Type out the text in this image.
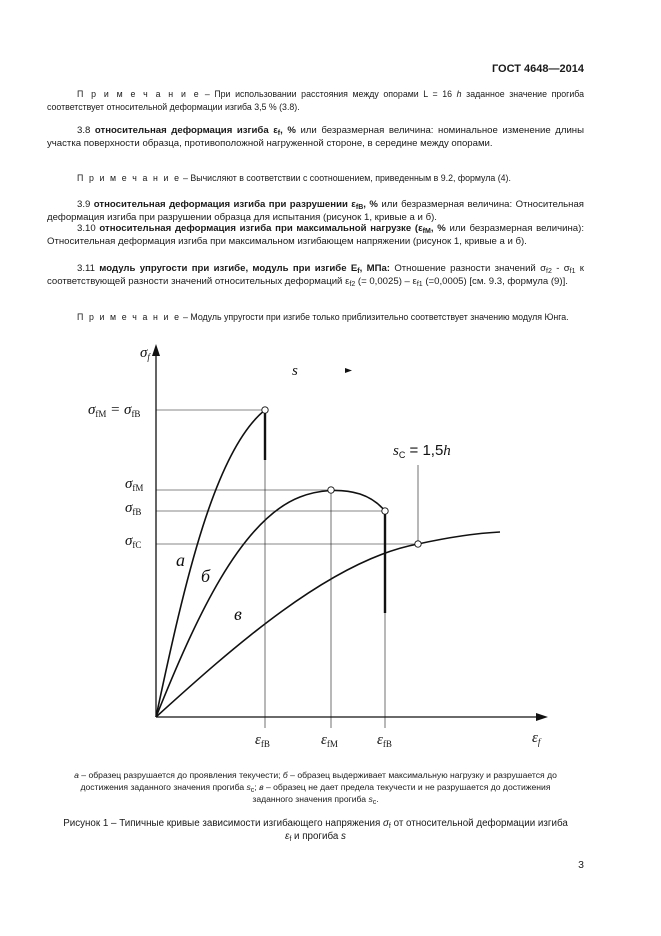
ГОСТ 4648—2014
П р и м е ч а н и е – При использовании расстояния между опорами L = 16 h заданное значение прогиба соответствует относительной деформации изгиба 3,5 % (3.8).
3.8 относительная деформация изгиба $\varepsilon_f$, % или безразмерная величина: номинальное изменение длины участка поверхности образца, противоположной нагруженной стороне, в середине между опорами.
П р и м е ч а н и е – Вычисляют в соответствии с соотношением, приведенным в 9.2, формула (4).
3.9 относительная деформация изгиба при разрушении $\varepsilon_{fB}$, % или безразмерная величина: Относительная деформация изгиба при разрушении образца для испытания (рисунок 1, кривые а и б).
3.10 относительная деформация изгиба при максимальной нагрузке ($\varepsilon_{fM}$, % или безразмерная величина): Относительная деформация изгиба при максимальном изгибающем напряжении (рисунок 1, кривые а и б).
3.11 модуль упругости при изгибе, модуль при изгибе $E_f$, МПа: Отношение разности значений $\sigma_{f2} - \sigma_{f1}$ к соответствующей разности значений относительных деформаций $\varepsilon_{f2}$ (= $0,0025) - \varepsilon_{f1}$ (=0,0005) [см. 9.3, формула (9)].
П р и м е ч а н и е – Модуль упругости при изгибе только приблизительно соответствует значению модуля Юнга.
$\sigma_f$
$\varepsilon_f$
s
$\sigma_{fM} = \sigma_{fB}$
$\sigma_{fM}$
$\sigma_{fB}$
$\sigma_{fC}$
$s_C = 1,5h$
a
б
в
$\varepsilon_{fB}$	$\varepsilon_{fM}$	$\varepsilon_{fB}$
а – образец разрушается до проявления текучести; б – образец выдерживает максимальную нагрузку и разрушается до достижения заданного значения прогиба $s_c$; в – образец не дает предела текучести и не разрушается до достижения заданного значения прогиба $s_c$.
Рисунок 1 – Типичные кривые зависимости изгибающего напряжения $\sigma_f$ от относительной деформации изгиба $\varepsilon_f$ и прогиба s
3
